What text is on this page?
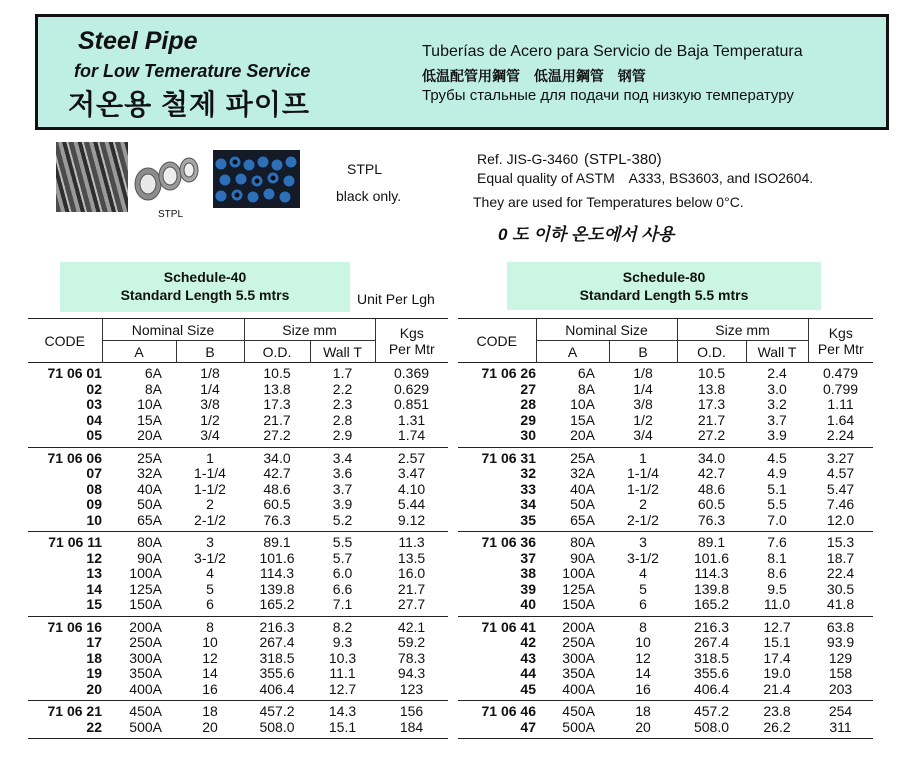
Steel Pipe
for Low Temerature Service
저온용 철제 파이프
Tuberías de Acero para Servicio de Baja Temperatura
低温配管用鋼管 低温用鋼管 钢管
Трубы стальные для подачи под низкую температуру
STPL
STPL
black only.
Ref. JIS-G-3460 (STPL-380)
Equal quality of ASTM A333, BS3603, and ISO2604.
They are used for Temperatures below 0°C.
0 도 이하 온도에서 사용
Schedule-40
Standard Length 5.5 mtrs	Unit Per Lgh
Schedule-80
Standard Length 5.5 mtrs
CODE	Nominal Size		Size mm		Kgs
Per Mtr

	A	B	O.D.	Wall T	
71 06 01	6A	1/8	10.5	1.7	0.369
02	8A	1/4	13.8	2.2	0.629
03	10A	3/8	17.3	2.3	0.851
04	15A	1/2	21.7	2.8	1.31
05	20A	3/4	27.2	2.9	1.74
71 06 06	25A	1	34.0	3.4	2.57
07	32A	1-1/4	42.7	3.6	3.47
08	40A	1-1/2	48.6	3.7	4.10
09	50A	2	60.5	3.9	5.44
10	65A	2-1/2	76.3	5.2	9.12
71 06 11	80A	3	89.1	5.5	11.3
12	90A	3-1/2	101.6	5.7	13.5
13	100A	4	114.3	6.0	16.0
14	125A	5	139.8	6.6	21.7
15	150A	6	165.2	7.1	27.7
71 06 16	200A	8	216.3	8.2	42.1
17	250A	10	267.4	9.3	59.2
18	300A	12	318.5	10.3	78.3
19	350A	14	355.6	11.1	94.3
20	400A	16	406.4	12.7	123
71 06 21	450A	18	457.2	14.3	156
22	500A	20	508.0	15.1	184
CODE	Nominal Size		Size mm		Kgs
Per Mtr

	A	B	O.D.	Wall T	
71 06 26	6A	1/8	10.5	2.4	0.479
27	8A	1/4	13.8	3.0	0.799
28	10A	3/8	17.3	3.2	1.11
29	15A	1/2	21.7	3.7	1.64
30	20A	3/4	27.2	3.9	2.24
71 06 31	25A	1	34.0	4.5	3.27
32	32A	1-1/4	42.7	4.9	4.57
33	40A	1-1/2	48.6	5.1	5.47
34	50A	2	60.5	5.5	7.46
35	65A	2-1/2	76.3	7.0	12.0
71 06 36	80A	3	89.1	7.6	15.3
37	90A	3-1/2	101.6	8.1	18.7
38	100A	4	114.3	8.6	22.4
39	125A	5	139.8	9.5	30.5
40	150A	6	165.2	11.0	41.8
71 06 41	200A	8	216.3	12.7	63.8
42	250A	10	267.4	15.1	93.9
43	300A	12	318.5	17.4	129
44	350A	14	355.6	19.0	158
45	400A	16	406.4	21.4	203
71 06 46	450A	18	457.2	23.8	254
47	500A	20	508.0	26.2	311
